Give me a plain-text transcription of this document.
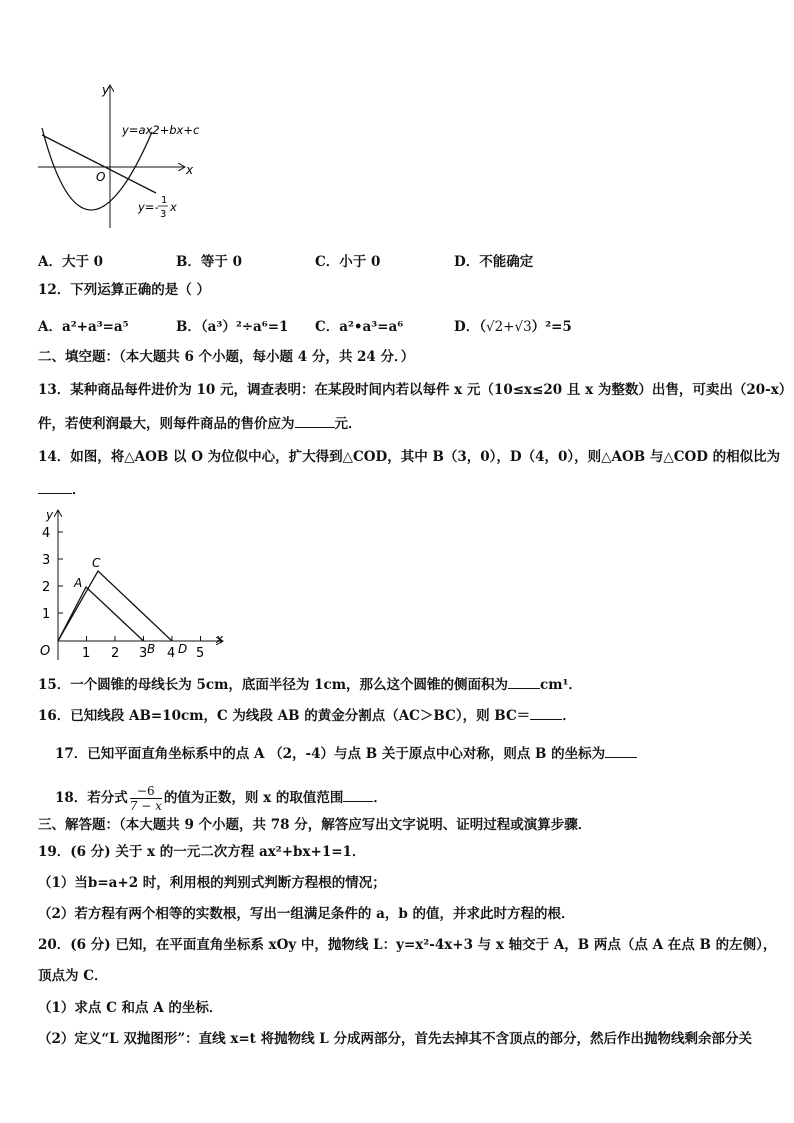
y
x
O
y=ax2+bx+c
y=- 1
3
x
A．大于 0	B．等于 0	C．小于 0	D．不能确定
12．下列运算正确的是（ ）
A．a²+a³=a⁵	B．（a³）²÷a⁶=1 C．a²•a³=a⁶	D．（√2+√3）²=5
二、填空题：（本大题共 6 个小题，每小题 4 分，共 24 分．）
13．某种商品每件进价为 10 元，调查表明：在某段时间内若以每件 x 元（10≤x≤20 且 x 为整数）出售，可卖出（20-x）
件，若使利润最大，则每件商品的售价应为	元．
14．如图，将△AOB 以 O 为位似中心，扩大得到△COD，其中 B（3，0），D（4，0），则△AOB 与△COD 的相似比为
．
y
x
O
1
2
3
4
1 2 3 4 5
A
C
B D
15．一个圆锥的母线长为 5cm，底面半径为 1cm，那么这个圆锥的侧面积为 cm¹．
16．已知线段 AB=10cm，C 为线段 AB 的黄金分割点（AC＞BC），则 BC＝ ．
17．已知平面直角坐标系中的点 A （2，-4）与点 B 关于原点中心对称，则点 B 的坐标为
18．若分式 $\frac{-6}{7 - x}$ 的值为正数，则 x 的取值范围 ．
三、解答题：（本大题共 9 个小题，共 78 分，解答应写出文字说明、证明过程或演算步骤．
19．(6 分) 关于 x 的一元二次方程 ax²+bx+1=1．
（1）当b=a+2 时，利用根的判别式判断方程根的情况；
（2）若方程有两个相等的实数根，写出一组满足条件的 a，b 的值，并求此时方程的根．
20．(6 分) 已知，在平面直角坐标系 xOy 中，抛物线 L：y=x²-4x+3 与 x 轴交于 A，B 两点（点 A 在点 B 的左侧），
顶点为 C．
（1）求点 C 和点 A 的坐标．
（2）定义“L 双抛图形”：直线 x=t 将抛物线 L 分成两部分，首先去掉其不含顶点的部分，然后作出抛物线剩余部分关
